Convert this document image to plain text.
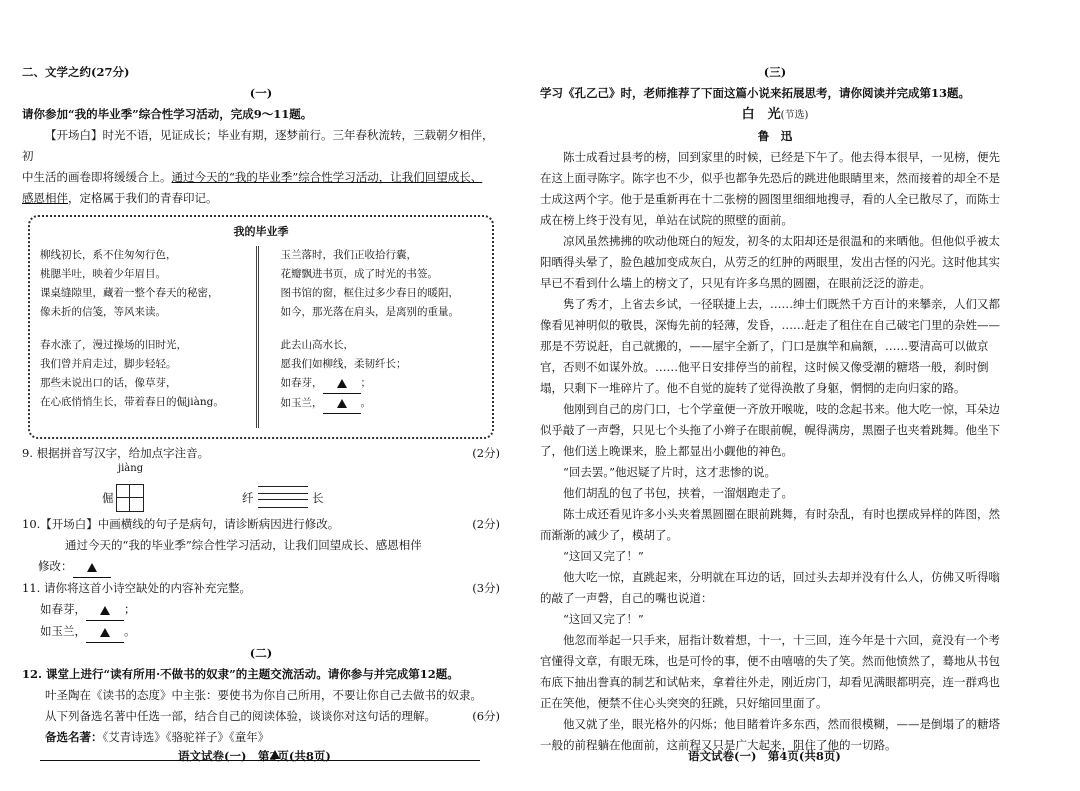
二、文学之约(27分)

(一)

请你参加“我的毕业季”综合性学习活动，完成9～11题。

【开场白】时光不语，见证成长；毕业有期，逐梦前行。三年春秋流转，三载朝夕相伴，初

中生活的画卷即将缓缓合上。通过今天的“我的毕业季”综合性学习活动，让我们回望成长、

感恩相伴，定格属于我们的青春印记。

我的毕业季
柳线初长，系不住匆匆行色，
桃腮半吐，映着少年眉目。
课桌缝隙里，藏着一整个春天的秘密，
像未折的信笺，等风来读。
春水涨了，漫过操场的旧时光，
我们曾并肩走过，脚步轻轻。
那些未说出口的话，像草芽，
在心底悄悄生长，带着春日的倔jiàng。
玉兰落时，我们正收拾行囊，
花瓣飘进书页，成了时光的书签。
图书馆的窗，框住过多少春日的暖阳，
如今，那光落在肩头，是离别的重量。
此去山高水长，
愿我们如柳线，柔韧纤长；
如春芽，	；
如玉兰，	。
9. 根据拼音写汉字，给加点字注音。	(2分)
jiàng
倔	纤	长
10.【开场白】中画横线的句子是病句，请诊断病因进行修改。	(2分)

通过今天的“我的毕业季”综合性学习活动，让我们回望成长、感恩相伴

修改：

11. 请你将这首小诗空缺处的内容补充完整。	(3分)

如春芽，	；

如玉兰，	。

(二)

12. 课堂上进行“读有所用·不做书的奴隶”的主题交流活动。请你参与并完成第12题。

叶圣陶在《读书的态度》中主张：要使书为你自己所用，不要让你自己去做书的奴隶。

从下列备选名著中任选一部，结合自己的阅读体验，谈谈你对这句话的理解。	(6分)

备选名著：《艾青诗选》《骆驼祥子》《童年》

语文试卷(一)　第3页(共8页)

(三)

学习《孔乙己》时，老师推荐了下面这篇小说来拓展思考，请你阅读并完成第13题。

白　光(节选)

鲁　迅

陈士成看过县考的榜，回到家里的时候，已经是下午了。他去得本很早，一见榜，便先在这上面寻陈字。陈字也不少，似乎也都争先恐后的跳进他眼睛里来，然而接着的却全不是士成这两个字。他于是重新再在十二张榜的圆图里细细地搜寻，看的人全已散尽了，而陈士成在榜上终于没有见，单站在试院的照壁的面前。

凉风虽然拂拂的吹动他斑白的短发，初冬的太阳却还是很温和的来晒他。但他似乎被太阳晒得头晕了，脸色越加变成灰白，从劳乏的红肿的两眼里，发出古怪的闪光。这时他其实早已不看到什么墙上的榜文了，只见有许多乌黑的圆圈，在眼前泛泛的游走。

隽了秀才，上省去乡试，一径联捷上去，……绅士们既然千方百计的来攀亲，人们又都像看见神明似的敬畏，深悔先前的轻薄，发昏，……赶走了租住在自己破宅门里的杂姓——那是不劳说赶，自己就搬的，——屋宇全新了，门口是旗竿和扁额，……要清高可以做京官，否则不如谋外放。……他平日安排停当的前程，这时候又像受潮的糖塔一般，刹时倒塌，只剩下一堆碎片了。他不自觉的旋转了觉得涣散了身躯，惘惘的走向归家的路。

他刚到自己的房门口，七个学童便一齐放开喉咙，吱的念起书来。他大吃一惊，耳朵边似乎敲了一声磬，只见七个头拖了小辫子在眼前幌，幌得满房，黑圈子也夹着跳舞。他坐下了，他们送上晚课来，脸上都显出小觑他的神色。

“回去罢。”他迟疑了片时，这才悲惨的说。

他们胡乱的包了书包，挟着，一溜烟跑走了。

陈士成还看见许多小头夹着黑圆圈在眼前跳舞，有时杂乱，有时也摆成异样的阵图，然而渐渐的减少了，模胡了。

“这回又完了！”

他大吃一惊，直跳起来，分明就在耳边的话，回过头去却并没有什么人，仿佛又听得嗡的敲了一声磬，自己的嘴也说道：

“这回又完了！”

他忽而举起一只手来，屈指计数着想，十一，十三回，连今年是十六回，竟没有一个考官懂得文章，有眼无珠，也是可怜的事，便不由嘻嘻的失了笑。然而他愤然了，蓦地从书包布底下抽出誊真的制艺和试帖来，拿着往外走，刚近房门，却看见满眼都明亮，连一群鸡也正在笑他，便禁不住心头突突的狂跳，只好缩回里面了。

他又就了坐，眼光格外的闪烁；他目睹着许多东西，然而很模糊，——是倒塌了的糖塔一般的前程躺在他面前，这前程又只是广大起来，阻住了他的一切路。

语文试卷(一)　第4页(共8页)
